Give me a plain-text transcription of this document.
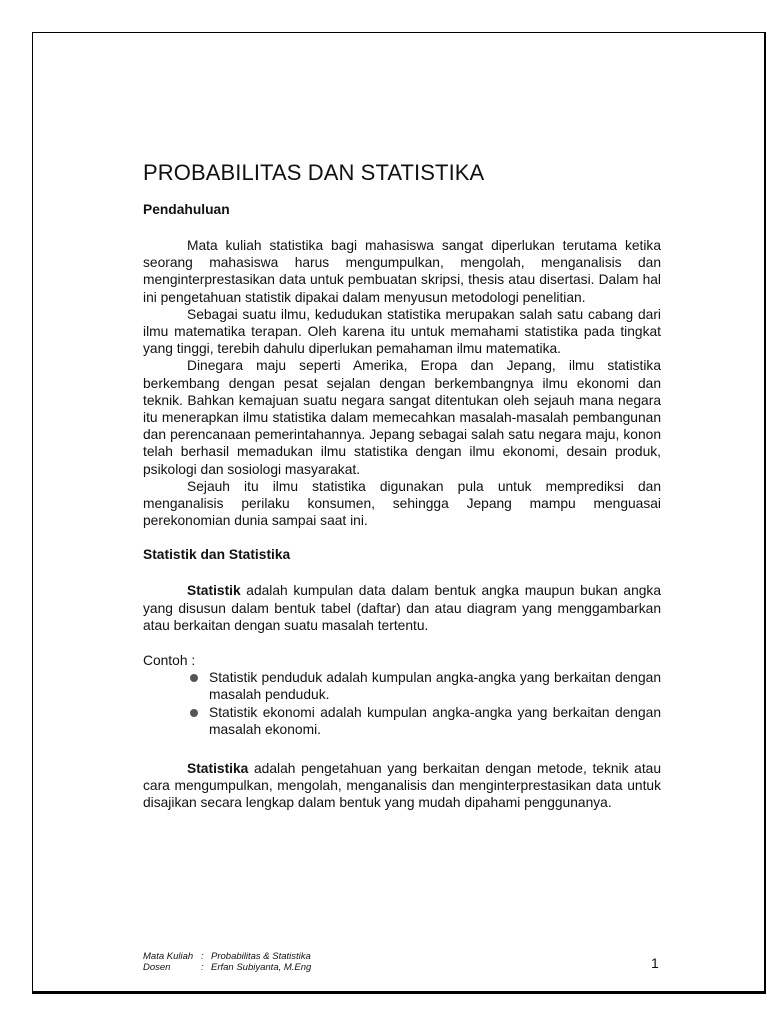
PROBABILITAS DAN STATISTIKA
Pendahuluan

Mata kuliah statistika bagi mahasiswa sangat diperlukan terutama ketika seorang mahasiswa harus mengumpulkan, mengolah, menganalisis dan menginterprestasikan data untuk pembuatan skripsi, thesis atau disertasi. Dalam hal ini pengetahuan statistik dipakai dalam menyusun metodologi penelitian.

Sebagai suatu ilmu, kedudukan statistika merupakan salah satu cabang dari ilmu matematika terapan. Oleh karena itu untuk memahami statistika pada tingkat yang tinggi, terebih dahulu diperlukan pemahaman ilmu matematika.

Dinegara maju seperti Amerika, Eropa dan Jepang, ilmu statistika berkembang dengan pesat sejalan dengan berkembangnya ilmu ekonomi dan teknik. Bahkan kemajuan suatu negara sangat ditentukan oleh sejauh mana negara itu menerapkan ilmu statistika dalam memecahkan masalah-masalah pembangunan dan perencanaan pemerintahannya. Jepang sebagai salah satu negara maju, konon telah berhasil memadukan ilmu statistika dengan ilmu ekonomi, desain produk, psikologi dan sosiologi masyarakat.

Sejauh itu ilmu statistika digunakan pula untuk memprediksi dan menganalisis perilaku konsumen, sehingga Jepang mampu menguasai perekonomian dunia sampai saat ini.

Statistik dan Statistika

Statistik adalah kumpulan data dalam bentuk angka maupun bukan angka yang disusun dalam bentuk tabel (daftar) dan atau diagram yang menggambarkan atau berkaitan dengan suatu masalah tertentu.

Contoh :

Statistik penduduk adalah kumpulan angka-angka yang berkaitan dengan masalah penduduk.
Statistik ekonomi adalah kumpulan angka-angka yang berkaitan dengan masalah ekonomi.

Statistika adalah pengetahuan yang berkaitan dengan metode, teknik atau cara mengumpulkan, mengolah, menganalisis dan menginterprestasikan data untuk disajikan secara lengkap dalam bentuk yang mudah dipahami penggunanya.

Mata Kuliah : Probabilitas & Statistika
Dosen	: Erfan Subiyanta, M.Eng	1
